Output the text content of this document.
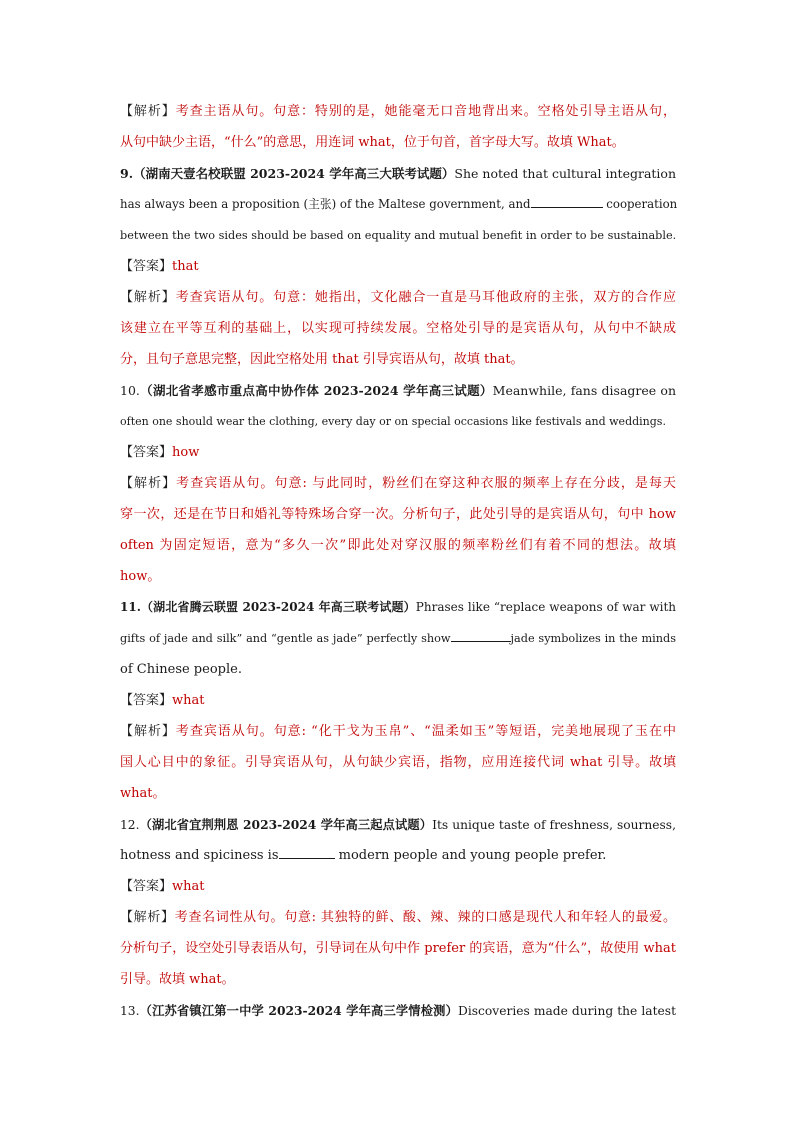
【解析】考查主语从句。句意：特别的是，她能毫无口音地背出来。空格处引导主语从句，
从句中缺少主语，“什么”的意思，用连词 what，位于句首，首字母大写。故填 What。
9.（湖南天壹名校联盟 2023-2024 学年高三大联考试题）She noted that cultural integration
has always been a proposition (主张) of the Maltese government, and	cooperation
between the two sides should be based on equality and mutual benefit in order to be sustainable.
【答案】that
【解析】考查宾语从句。句意：她指出，文化融合一直是马耳他政府的主张，双方的合作应
该建立在平等互利的基础上，以实现可持续发展。空格处引导的是宾语从句，从句中不缺成
分，且句子意思完整，因此空格处用 that 引导宾语从句，故填 that。
10.（湖北省孝感市重点高中协作体 2023-2024 学年高三试题）Meanwhile, fans disagree on
often one should wear the clothing, every day or on special occasions like festivals and weddings.
【答案】how
【解析】考查宾语从句。句意: 与此同时，粉丝们在穿这种衣服的频率上存在分歧，是每天
穿一次，还是在节日和婚礼等特殊场合穿一次。分析句子，此处引导的是宾语从句，句中 how
often 为固定短语，意为“多久一次”即此处对穿汉服的频率粉丝们有着不同的想法。故填
how。
11.（湖北省腾云联盟 2023-2024 年高三联考试题）Phrases like “replace weapons of war with
gifts of jade and silk” and “gentle as jade” perfectly show	jade symbolizes in the minds
of Chinese people.
【答案】what
【解析】考查宾语从句。句意: “化干戈为玉帛”、“温柔如玉”等短语，完美地展现了玉在中
国人心目中的象征。引导宾语从句，从句缺少宾语，指物，应用连接代词 what 引导。故填
what。
12.（湖北省宜荆荆恩 2023-2024 学年高三起点试题）Its unique taste of freshness, sourness,
hotness and spiciness is	modern people and young people prefer.
【答案】what
【解析】考查名词性从句。句意: 其独特的鲜、酸、辣、辣的口感是现代人和年轻人的最爱。
分析句子，设空处引导表语从句，引导词在从句中作 prefer 的宾语，意为“什么”，故使用 what
引导。故填 what。
13.（江苏省镇江第一中学 2023-2024 学年高三学情检测）Discoveries made during the latest
